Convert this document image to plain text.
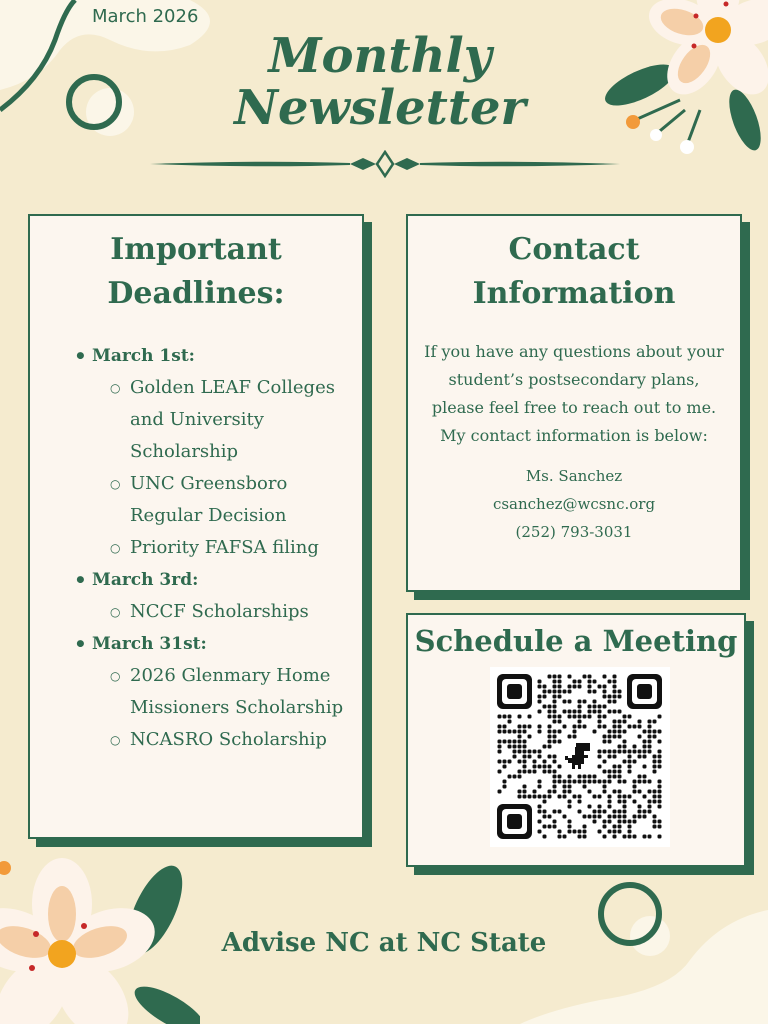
March 2026
Monthly
Newsletter
Important
Deadlines:
• March 1st:
○ Golden LEAF Colleges and University Scholarship
○ UNC Greensboro Regular Decision
○ Priority FAFSA filing
• March 3rd:
○ NCCF Scholarships
• March 31st:
○ 2026 Glenmary Home Missioners Scholarship
○ NCASRO Scholarship
Contact
Information
If you have any questions about your student’s postsecondary plans, please feel free to reach out to me. My contact information is below:
Ms. Sanchez
csanchez@wcsnc.org
(252) 793-3031
Schedule a Meeting
Advise NC at NC State
